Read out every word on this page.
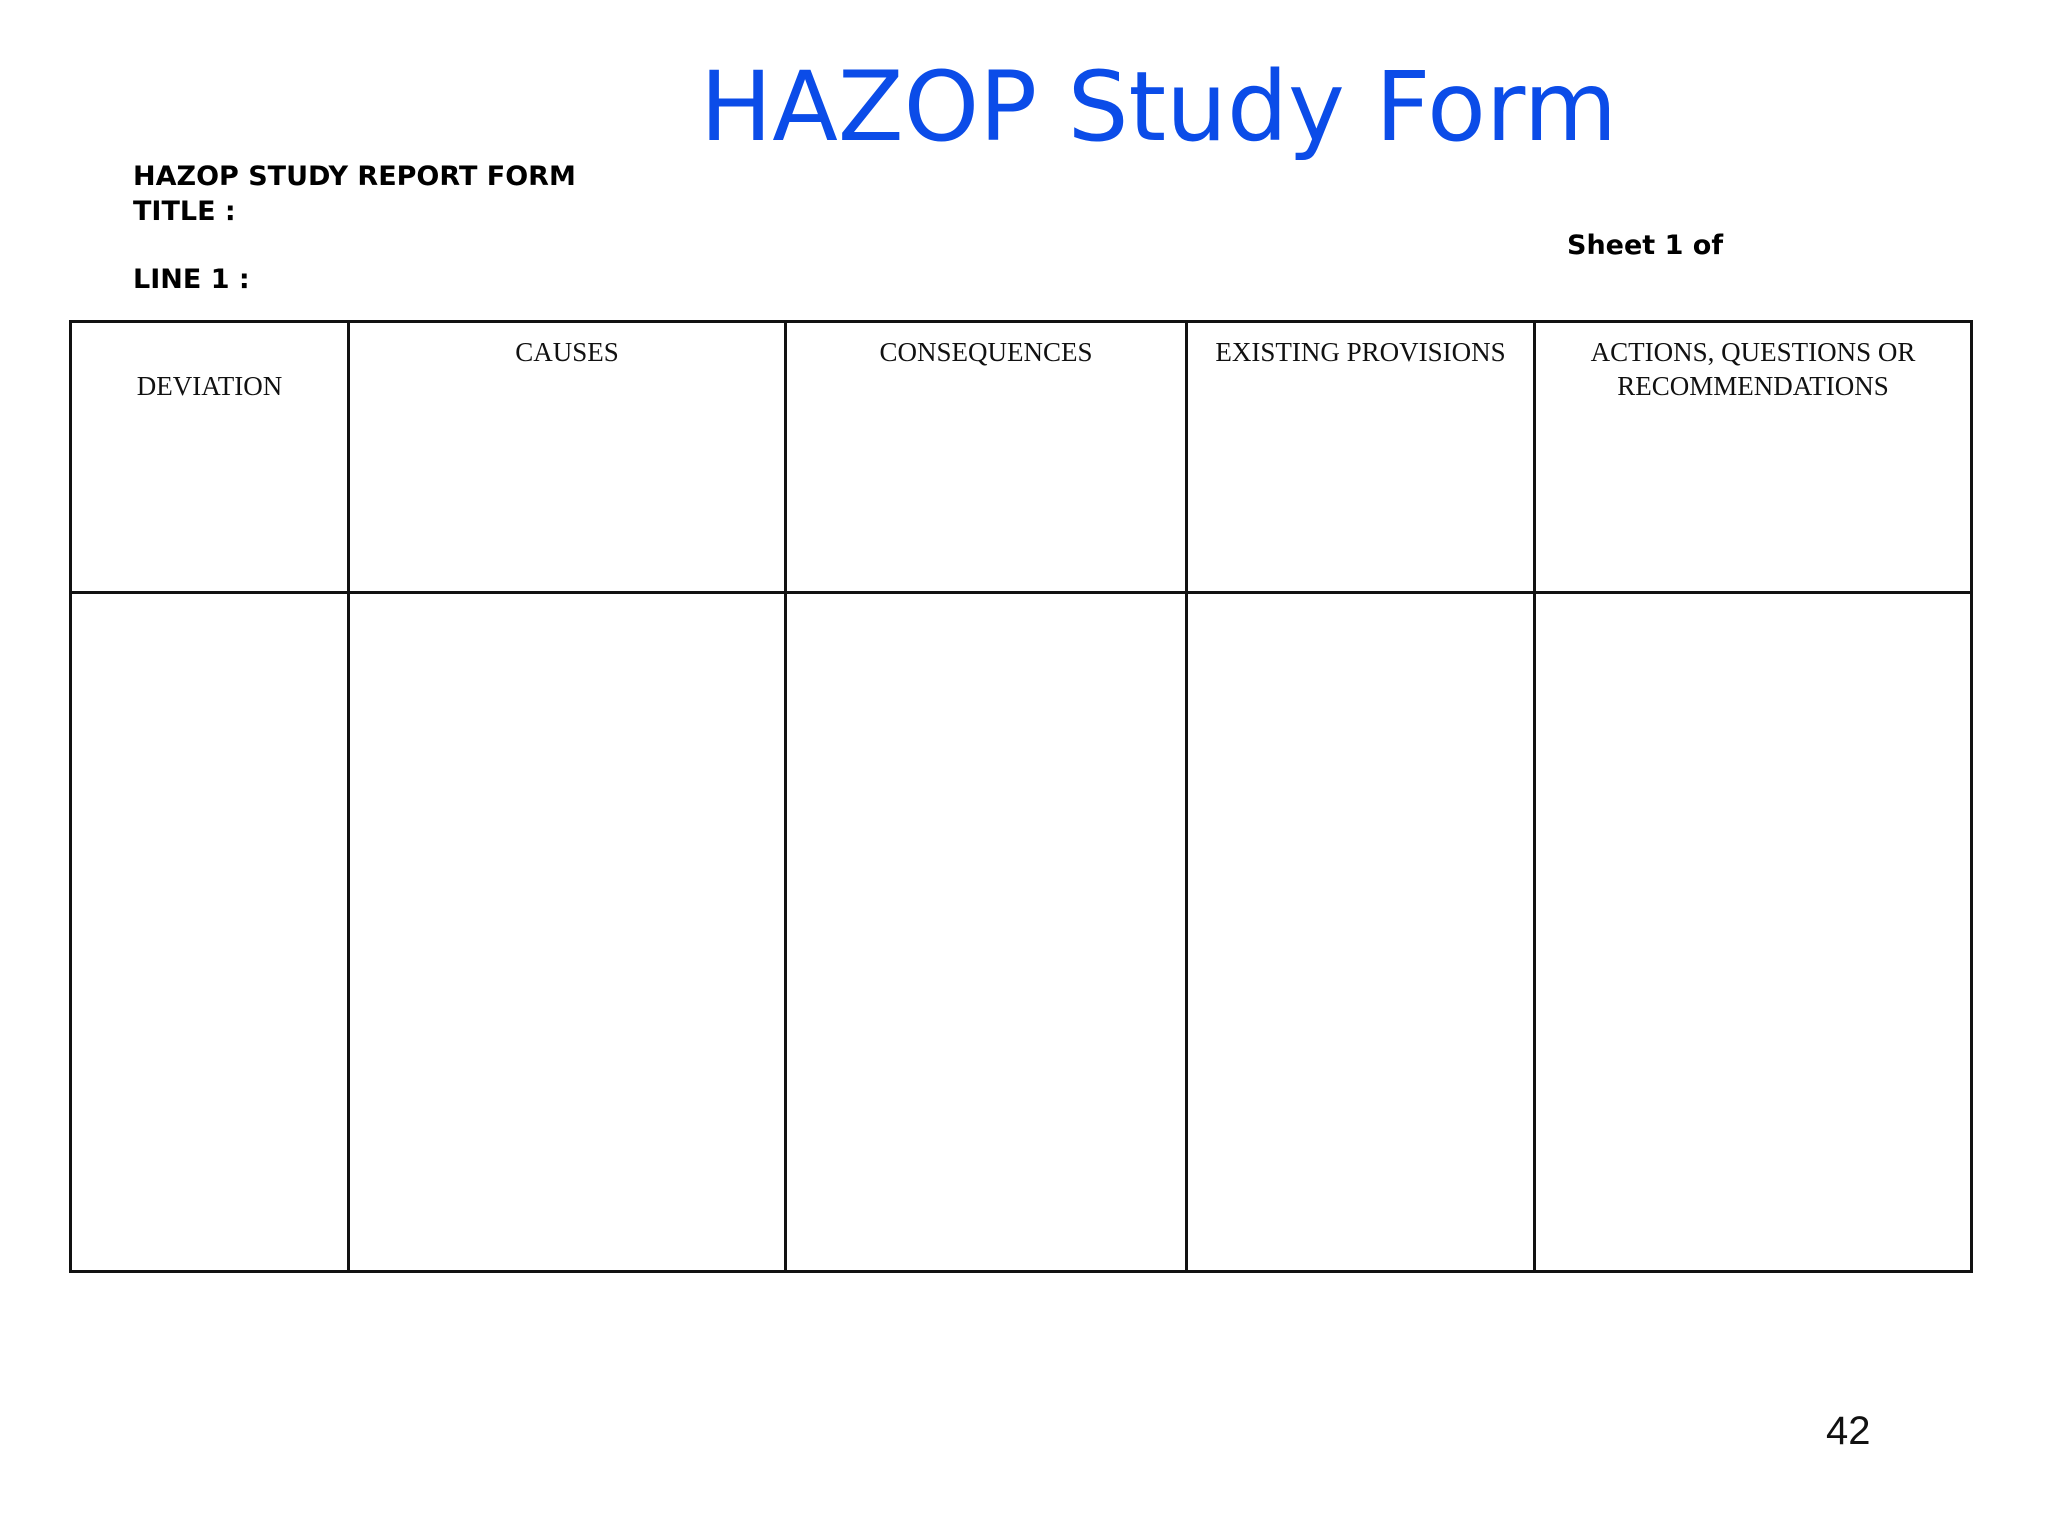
HAZOP Study Form
HAZOP STUDY REPORT FORM
TITLE :
LINE 1 :
Sheet 1 of
DEVIATION	CAUSES	CONSEQUENCES	EXISTING PROVISIONS	ACTIONS, QUESTIONS OR RECOMMENDATIONS

42
